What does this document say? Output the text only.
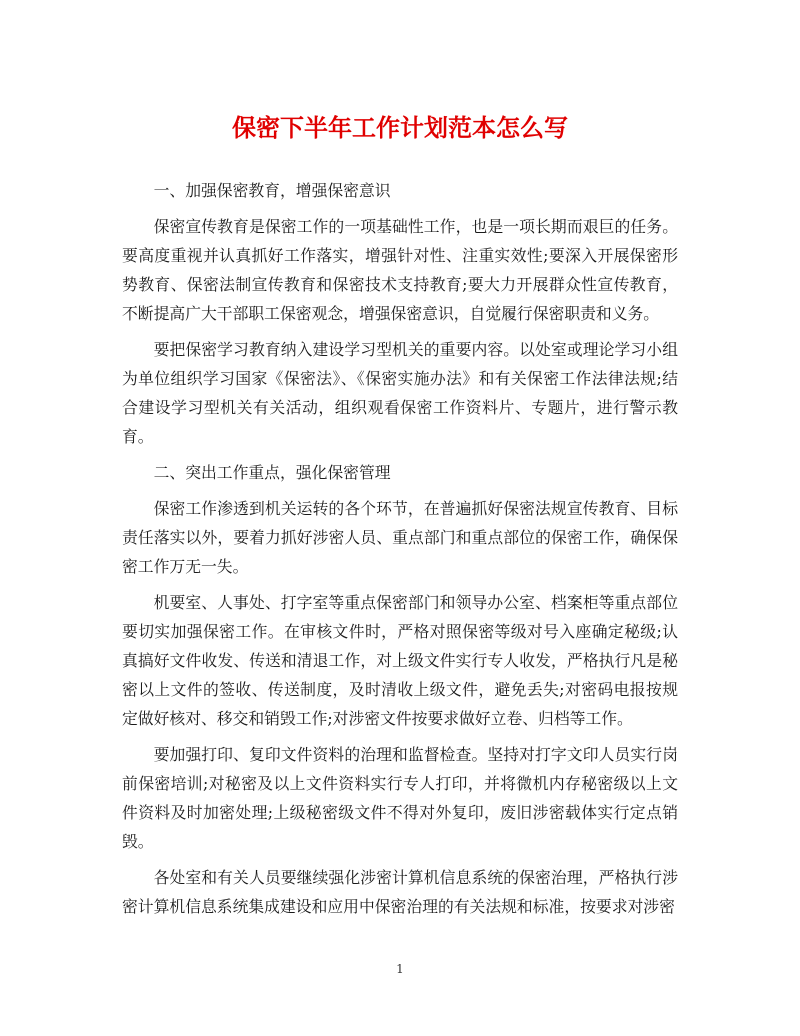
保密下半年工作计划范本怎么写

一、加强保密教育，增强保密意识

保密宣传教育是保密工作的一项基础性工作，也是一项长期而艰巨的任务。要高度重视并认真抓好工作落实，增强针对性、注重实效性;要深入开展保密形势教育、保密法制宣传教育和保密技术支持教育;要大力开展群众性宣传教育，不断提高广大干部职工保密观念，增强保密意识，自觉履行保密职责和义务。

要把保密学习教育纳入建设学习型机关的重要内容。以处室或理论学习小组为单位组织学习国家《保密法》、《保密实施办法》和有关保密工作法律法规;结合建设学习型机关有关活动，组织观看保密工作资料片、专题片，进行警示教育。

二、突出工作重点，强化保密管理

保密工作渗透到机关运转的各个环节，在普遍抓好保密法规宣传教育、目标责任落实以外，要着力抓好涉密人员、重点部门和重点部位的保密工作，确保保密工作万无一失。

机要室、人事处、打字室等重点保密部门和领导办公室、档案柜等重点部位要切实加强保密工作。在审核文件时，严格对照保密等级对号入座确定秘级;认真搞好文件收发、传送和清退工作，对上级文件实行专人收发，严格执行凡是秘密以上文件的签收、传送制度，及时清收上级文件，避免丢失;对密码电报按规定做好核对、移交和销毁工作;对涉密文件按要求做好立卷、归档等工作。

要加强打印、复印文件资料的治理和监督检查。坚持对打字文印人员实行岗前保密培训;对秘密及以上文件资料实行专人打印，并将微机内存秘密级以上文件资料及时加密处理;上级秘密级文件不得对外复印，废旧涉密载体实行定点销毁。

各处室和有关人员要继续强化涉密计算机信息系统的保密治理，严格执行涉密计算机信息系统集成建设和应用中保密治理的有关法规和标准，按要求对涉密

1
